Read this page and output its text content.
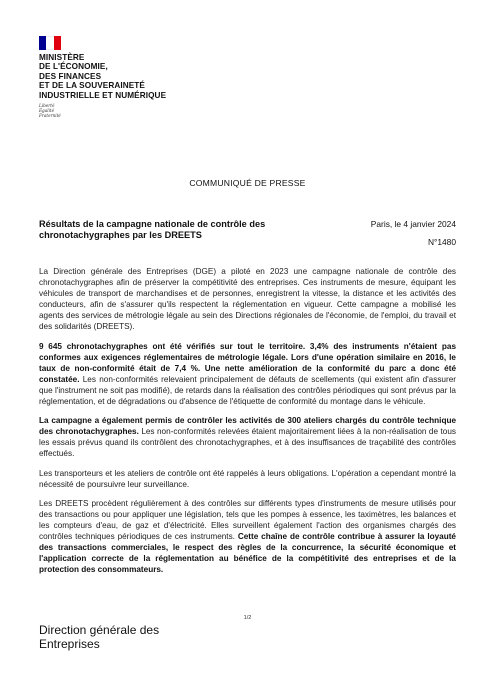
MINISTÈRE
DE L'ÉCONOMIE,
DES FINANCES
ET DE LA SOUVERAINETÉ
INDUSTRIELLE ET NUMÉRIQUE
Liberté
Égalité
Fraternité
COMMUNIQUÉ DE PRESSE
Résultats de la campagne nationale de contrôle des chronotachygraphes par les DREETS
Paris, le 4 janvier 2024
N°1480

La Direction générale des Entreprises (DGE) a piloté en 2023 une campagne nationale de contrôle des chronotachygraphes afin de préserver la compétitivité des entreprises. Ces instruments de mesure, équipant les véhicules de transport de marchandises et de personnes, enregistrent la vitesse, la distance et les activités des conducteurs, afin de s'assurer qu'ils respectent la réglementation en vigueur. Cette campagne a mobilisé les agents des services de métrologie légale au sein des Directions régionales de l'économie, de l'emploi, du travail et des solidarités (DREETS).

9 645 chronotachygraphes ont été vérifiés sur tout le territoire. 3,4% des instruments n'étaient pas conformes aux exigences réglementaires de métrologie légale. Lors d'une opération similaire en 2016, le taux de non-conformité était de 7,4 %. Une nette amélioration de la conformité du parc a donc été constatée. Les non-conformités relevaient principalement de défauts de scellements (qui existent afin d'assurer que l'instrument ne soit pas modifié), de retards dans la réalisation des contrôles périodiques qui sont prévus par la réglementation, et de dégradations ou d'absence de l'étiquette de conformité du montage dans le véhicule.

La campagne a également permis de contrôler les activités de 300 ateliers chargés du contrôle technique des chronotachygraphes. Les non-conformités relevées étaient majoritairement liées à la non-réalisation de tous les essais prévus quand ils contrôlent des chronotachygraphes, et à des insuffisances de traçabilité des contrôles effectués.

Les transporteurs et les ateliers de contrôle ont été rappelés à leurs obligations. L'opération a cependant montré la nécessité de poursuivre leur surveillance.

Les DREETS procèdent régulièrement à des contrôles sur différents types d'instruments de mesure utilisés pour des transactions ou pour appliquer une législation, tels que les pompes à essence, les taximètres, les balances et les compteurs d'eau, de gaz et d'électricité. Elles surveillent également l'action des organismes chargés des contrôles techniques périodiques de ces instruments. Cette chaîne de contrôle contribue à assurer la loyauté des transactions commerciales, le respect des règles de la concurrence, la sécurité économique et l'application correcte de la réglementation au bénéfice de la compétitivité des entreprises et de la protection des consommateurs.

1/2
Direction générale des
Entreprises
